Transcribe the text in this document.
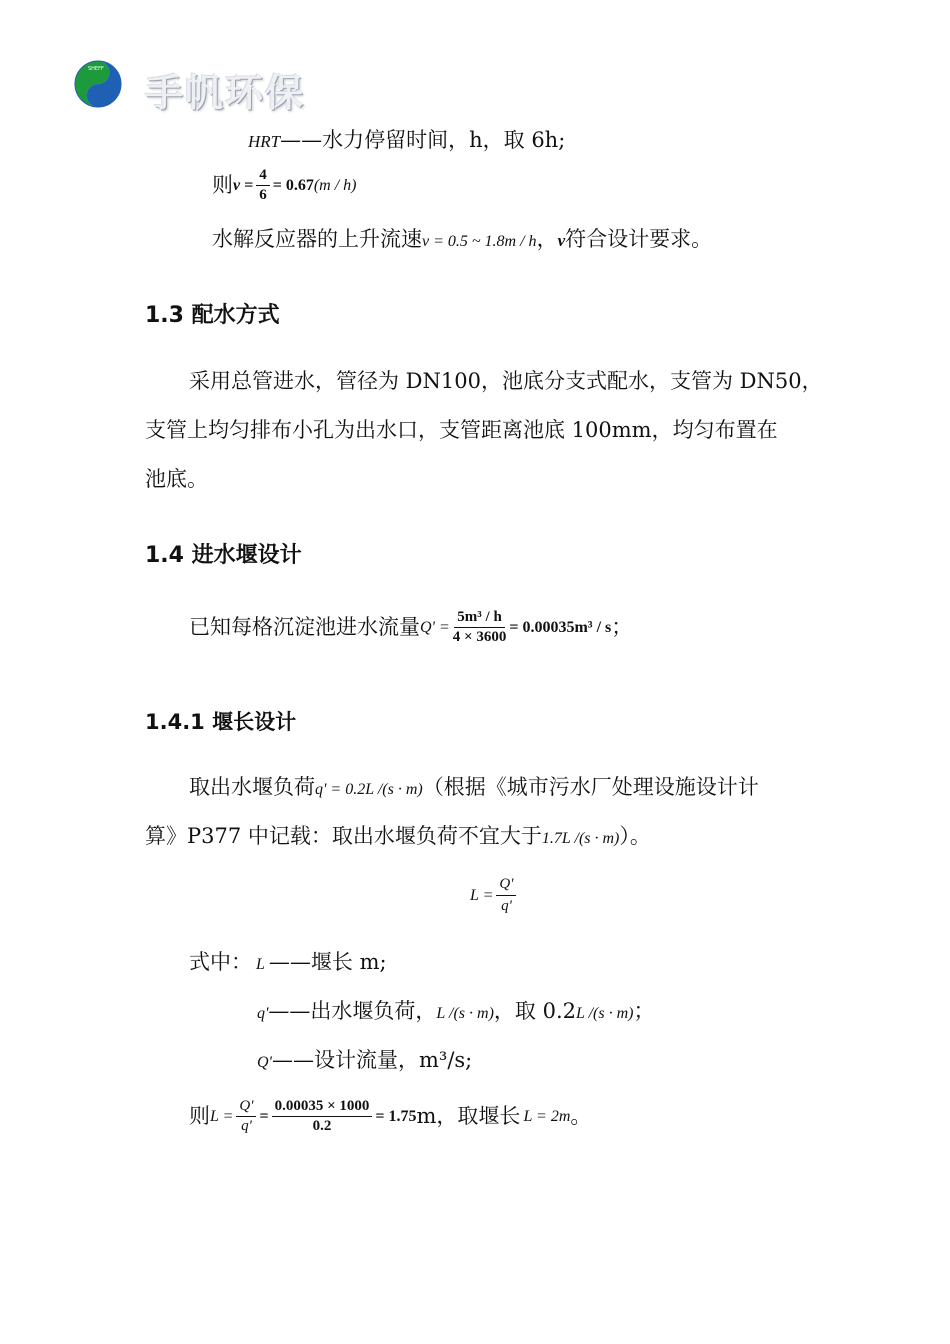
SHEFF
手帆环保
HRT——水力停留时间，h，取 6h;
则 $v = \frac{4}{6} = 0.67$ (m / h)
水解反应器的上升流速v = 0.5 ~ 1.8m / h，v符合设计要求。
1.3 配水方式
采用总管进水，管径为 DN100，池底分支式配水，支管为 DN50，
支管上均匀排布小孔为出水口，支管距离池底 100mm，均匀布置在
池底。
1.4 进水堰设计
已知每格沉淀池进水流量 $Q' = \frac{\text{5m³ / h}}{4 \times 3600} = 0.00035m^3 / s$ ；
1.4.1 堰长设计
取出水堰负荷q' = 0.2L /(s · m)（根据《城市污水厂处理设施设计计
算》P377 中记载：取出水堰负荷不宜大于1.7L /(s · m)）。
$L = \frac{Q'}{q'}$
式中： L ——堰长 m;
q'——出水堰负荷，L /(s · m)，取 0.2L /(s · m)；
Q'——设计流量，m³/s;
则 $L = \frac{Q'}{q'} = \frac{0.00035 \times 1000}{0.2} = 1.75$ m，取堰长 L = 2m 。
